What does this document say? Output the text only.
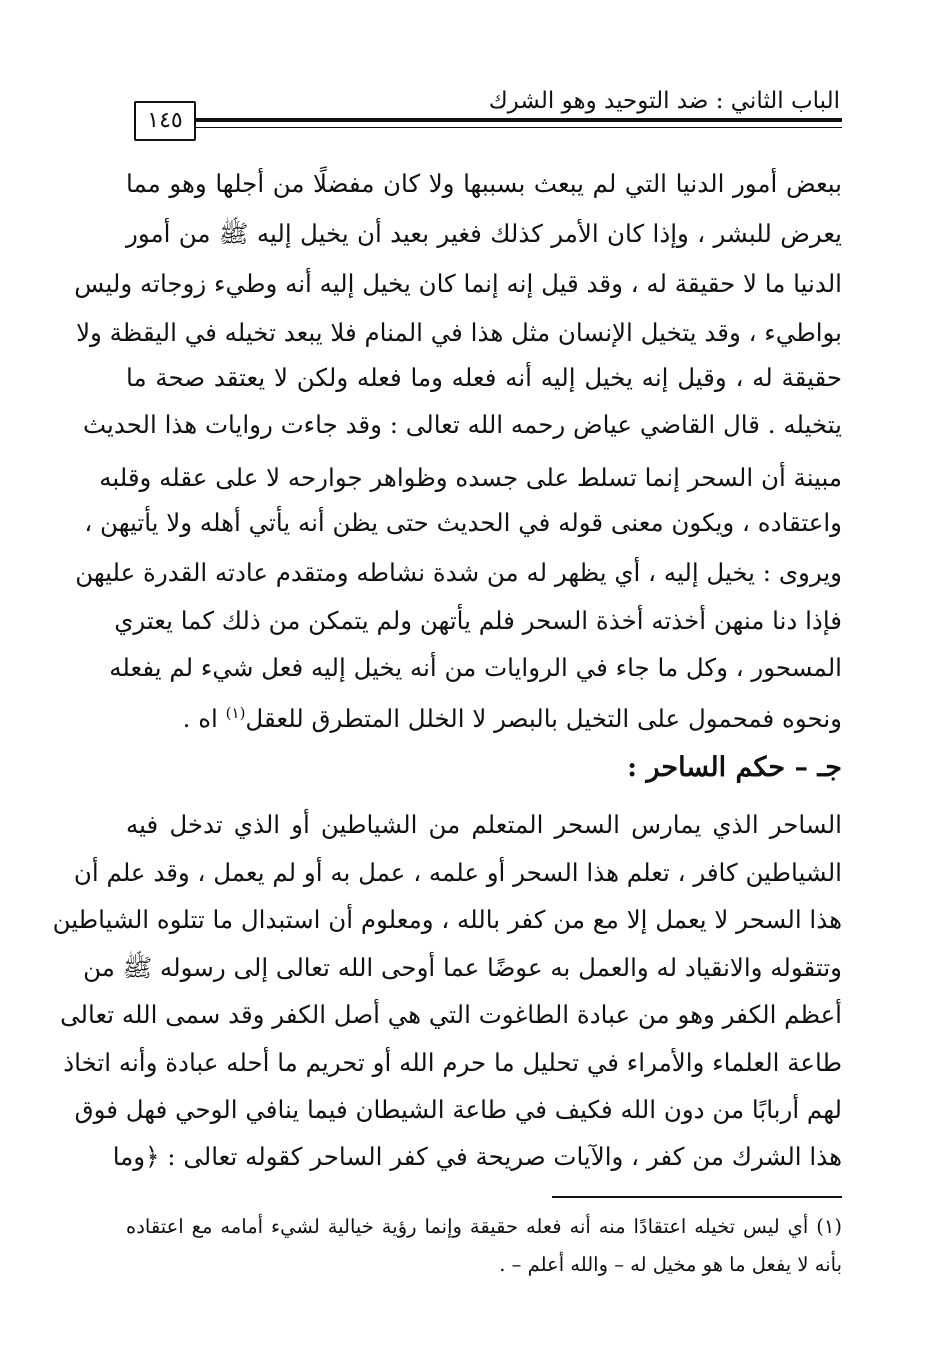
الباب الثاني : ضد التوحيد وهو الشرك
١٤٥
ببعض أمور الدنيا التي لم يبعث بسببها ولا كان مفضلًا من أجلها وهو مما
يعرض للبشر ، وإذا كان الأمر كذلك فغير بعيد أن يخيل إليه ﷺ من أمور
الدنيا ما لا حقيقة له ، وقد قيل إنه إنما كان يخيل إليه أنه وطيء زوجاته وليس
بواطيء ، وقد يتخيل الإنسان مثل هذا في المنام فلا يبعد تخيله في اليقظة ولا
حقيقة له ، وقيل إنه يخيل إليه أنه فعله وما فعله ولكن لا يعتقد صحة ما
يتخيله . قال القاضي عياض رحمه الله تعالى : وقد جاءت روايات هذا الحديث
مبينة أن السحر إنما تسلط على جسده وظواهر جوارحه لا على عقله وقلبه
واعتقاده ، ويكون معنى قوله في الحديث حتى يظن أنه يأتي أهله ولا يأتيهن ،
ويروى : يخيل إليه ، أي يظهر له من شدة نشاطه ومتقدم عادته القدرة عليهن
فإذا دنا منهن أخذته أخذة السحر فلم يأتهن ولم يتمكن من ذلك كما يعتري
المسحور ، وكل ما جاء في الروايات من أنه يخيل إليه فعل شيء لم يفعله
ونحوه فمحمول على التخيل بالبصر لا الخلل المتطرق للعقل$^{(١)}$ اه .
جـ – حكم الساحر :
الساحر الذي يمارس السحر المتعلم من الشياطين أو الذي تدخل فيه
الشياطين كافر ، تعلم هذا السحر أو علمه ، عمل به أو لم يعمل ، وقد علم أن
هذا السحر لا يعمل إلا مع من كفر بالله ، ومعلوم أن استبدال ما تتلوه الشياطين
وتتقوله والانقياد له والعمل به عوضًا عما أوحى الله تعالى إلى رسوله ﷺ من
أعظم الكفر وهو من عبادة الطاغوت التي هي أصل الكفر وقد سمى الله تعالى
طاعة العلماء والأمراء في تحليل ما حرم الله أو تحريم ما أحله عبادة وأنه اتخاذ
لهم أربابًا من دون الله فكيف في طاعة الشيطان فيما ينافي الوحي فهل فوق
هذا الشرك من كفر ، والآيات صريحة في كفر الساحر كقوله تعالى : ﴿وما
(١) أي ليس تخيله اعتقادًا منه أنه فعله حقيقة وإنما رؤية خيالية لشيء أمامه مع اعتقاده
بأنه لا يفعل ما هو مخيل له – والله أعلم – .
